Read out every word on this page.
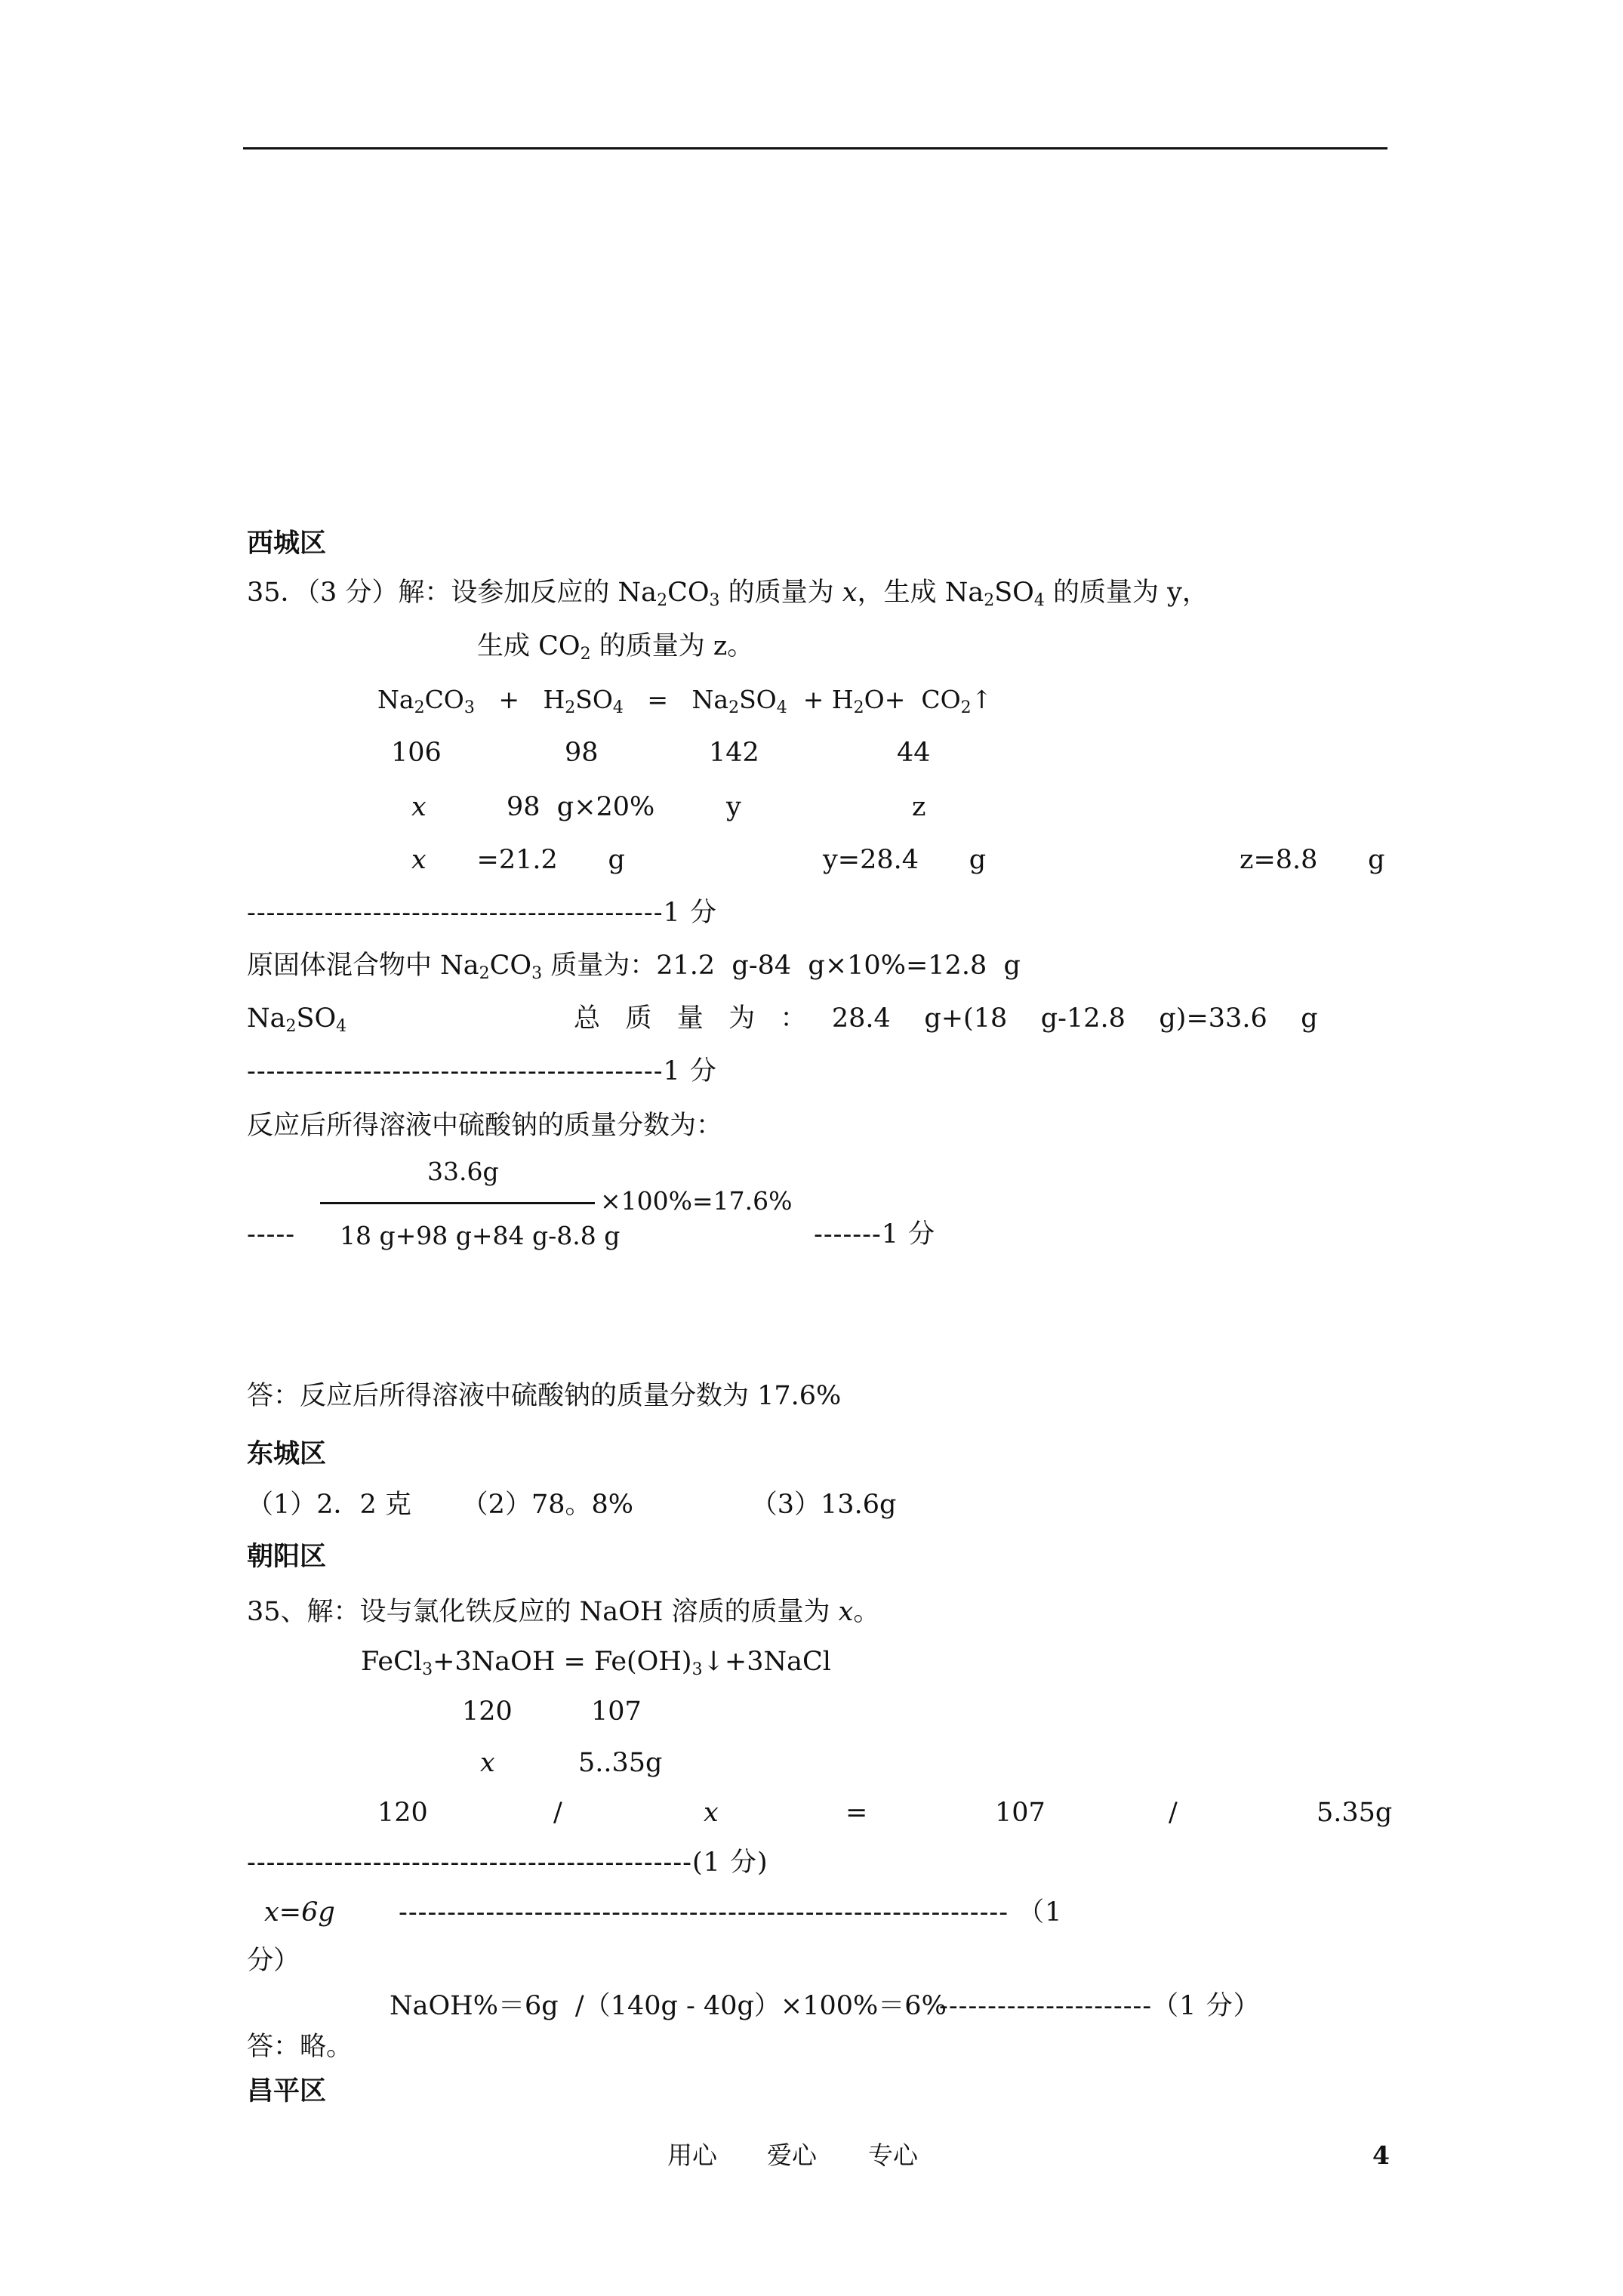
西城区
35．（3 分）解：设参加反应的 $Na_2CO_3$ 的质量为 x，生成 $Na_2SO_4$ 的质量为 y，
生成 $CO_2$ 的质量为 z。
$Na_2CO_3 + H_2SO_4 = Na_2SO_4 + H_2O+$  $CO_2↑$
106	98	142	44
x	98  g×20%	y	z
x =21.2      g	y=28.4      g	z=8.8      g
-------------------------------------------1 分
原固体混合物中 $Na_2CO_3$ 质量为：21.2  g-84  g×10%=12.8  g
$Na_2SO_4$	总   质   量   为   ：   28.4    g+(18    g-12.8    g)=33.6    g
-------------------------------------------1 分
反应后所得溶液中硫酸钠的质量分数为：
33.6g
×100%=17.6%
----- 18 g+98 g+84 g-8.8 g	-------1 分
答：反应后所得溶液中硫酸钠的质量分数为 17.6%
东城区
（1）2．2 克      （2）78。8%              （3）13.6g
朝阳区
35、解：设与氯化铁反应的 NaOH 溶质的质量为 x。
FeCl$_3$+3NaOH = $Fe(OH)_3↓+3NaCl$
120	107
x	5..35g
120	/	x	=	107	/	5.35g
----------------------------------------------(1 分)
x=6g --------------------------------------------------------------- （1
分）
NaOH%＝6g  /（140g - 40g）×100%＝6%
----------------------（1 分）
答：略。
昌平区
用心 爱心 专心	4
